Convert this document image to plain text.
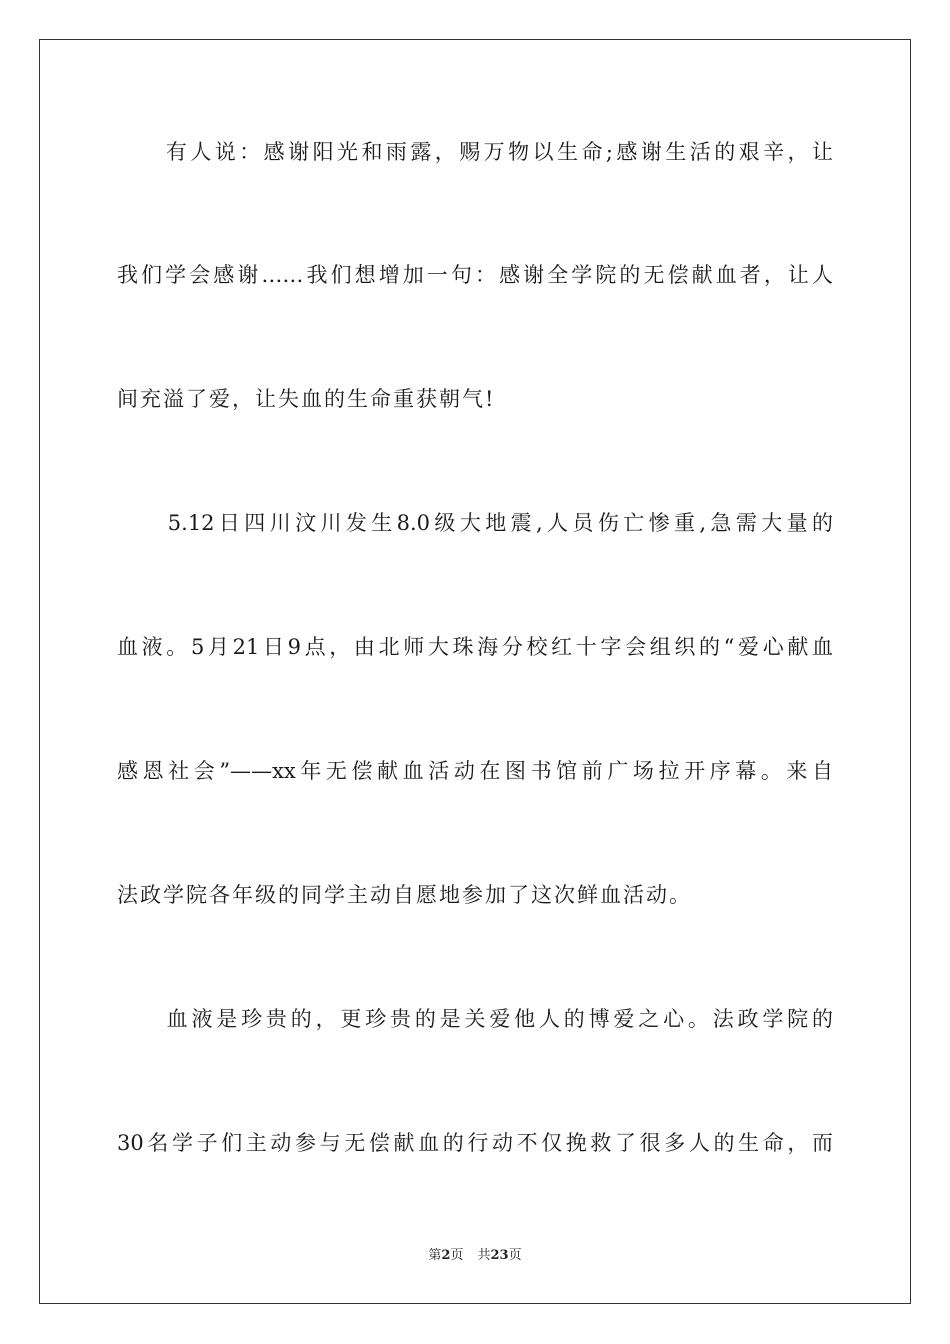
　　有人说：感谢阳光和雨露，赐万物以生命;感谢生活的艰辛，让
我们学会感谢……我们想增加一句：感谢全学院的无偿献血者，让人
间充溢了爱，让失血的生命重获朝气!
　　5.12日四川汶川发生8.0级大地震,人员伤亡惨重,急需大量的
血液。5月21日9点，由北师大珠海分校红十字会组织的“爱心献血
感恩社会”——xx年无偿献血活动在图书馆前广场拉开序幕。来自
法政学院各年级的同学主动自愿地参加了这次鲜血活动。
　　血液是珍贵的，更珍贵的是关爱他人的博爱之心。法政学院的
30名学子们主动参与无偿献血的行动不仅挽救了很多人的生命，而
第2页 共23页
